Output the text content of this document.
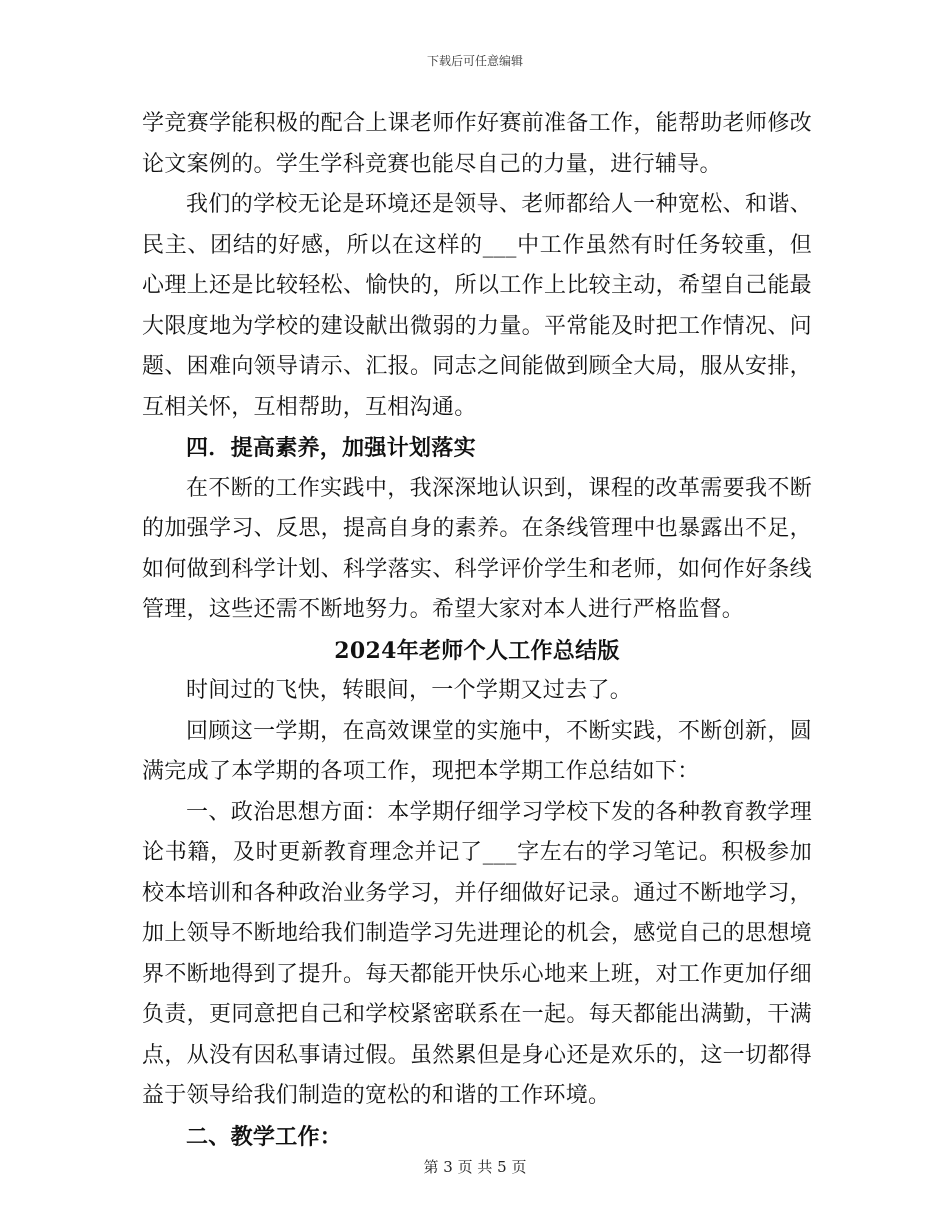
下载后可任意编辑

学竞赛学能积极的配合上课老师作好赛前准备工作，能帮助老师修改论文案例的。学生学科竞赛也能尽自己的力量，进行辅导。

我们的学校无论是环境还是领导、老师都给人一种宽松、和谐、民主、团结的好感，所以在这样的___中工作虽然有时任务较重，但心理上还是比较轻松、愉快的，所以工作上比较主动，希望自己能最大限度地为学校的建设献出微弱的力量。平常能及时把工作情况、问题、困难向领导请示、汇报。同志之间能做到顾全大局，服从安排，互相关怀，互相帮助，互相沟通。

四．提高素养，加强计划落实

在不断的工作实践中，我深深地认识到，课程的改革需要我不断的加强学习、反思，提高自身的素养。在条线管理中也暴露出不足，如何做到科学计划、科学落实、科学评价学生和老师，如何作好条线管理，这些还需不断地努力。希望大家对本人进行严格监督。

2024年老师个人工作总结版

时间过的飞快，转眼间，一个学期又过去了。

回顾这一学期，在高效课堂的实施中，不断实践，不断创新，圆满完成了本学期的各项工作，现把本学期工作总结如下：

一、政治思想方面：本学期仔细学习学校下发的各种教育教学理论书籍，及时更新教育理念并记了___字左右的学习笔记。积极参加校本培训和各种政治业务学习，并仔细做好记录。通过不断地学习，加上领导不断地给我们制造学习先进理论的机会，感觉自己的思想境界不断地得到了提升。每天都能开快乐心地来上班，对工作更加仔细负责，更同意把自己和学校紧密联系在一起。每天都能出满勤，干满点，从没有因私事请过假。虽然累但是身心还是欢乐的，这一切都得益于领导给我们制造的宽松的和谐的工作环境。

二、教学工作：

第 3 页 共 5 页
